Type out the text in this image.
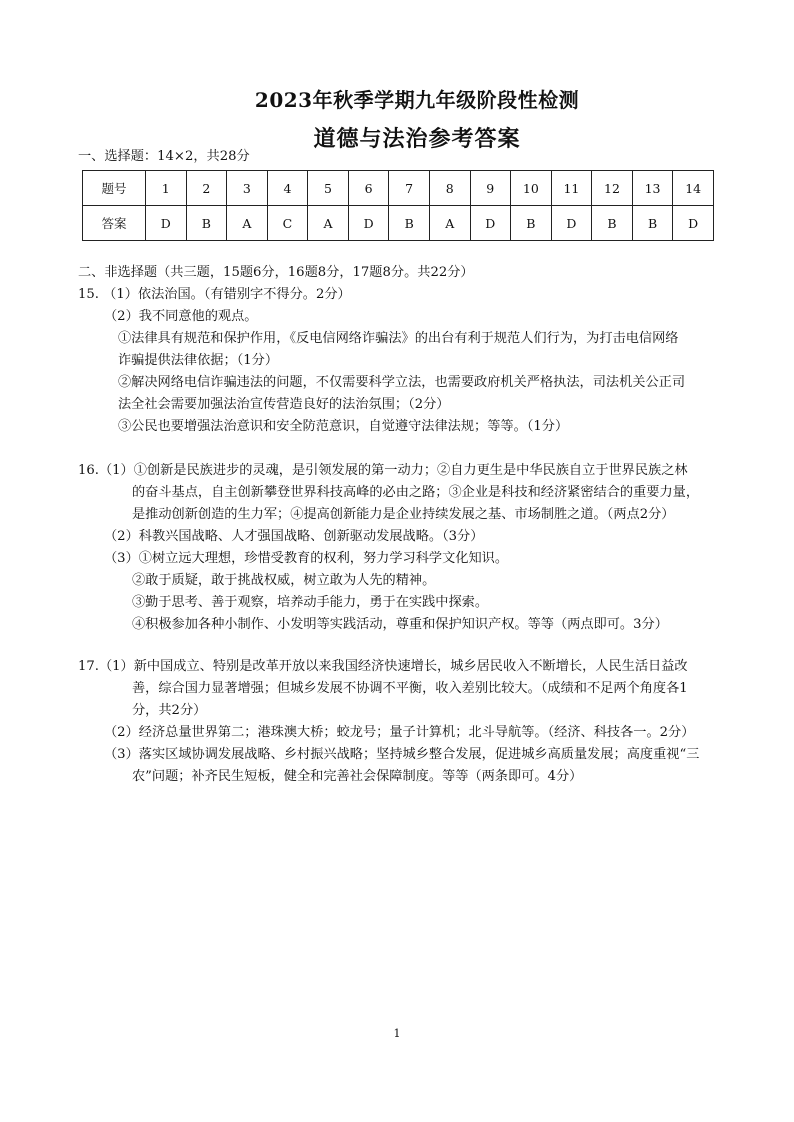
2023年秋季学期九年级阶段性检测
道德与法治参考答案
一、选择题：14×2，共28分
题号	1	2	3	4	5	6	7	8	9	10	11	12	13	14
答案	D	B	A	C	A	D	B	A	D	B	D	B	B	D
二、非选择题（共三题，15题6分，16题8分，17题8分。共22分）
15. （1）依法治国。（有错别字不得分。2分）
（2）我不同意他的观点。
①法律具有规范和保护作用，《反电信网络诈骗法》的出台有利于规范人们行为，为打击电信网络
诈骗提供法律依据；（1分）
②解决网络电信诈骗违法的问题，不仅需要科学立法，也需要政府机关严格执法，司法机关公正司
法全社会需要加强法治宣传营造良好的法治氛围；（2分）
③公民也要增强法治意识和安全防范意识，自觉遵守法律法规；等等。（1分）
16.（1）①创新是民族进步的灵魂，是引领发展的第一动力；②自力更生是中华民族自立于世界民族之林
的奋斗基点，自主创新攀登世界科技高峰的必由之路；③企业是科技和经济紧密结合的重要力量，
是推动创新创造的生力军；④提高创新能力是企业持续发展之基、市场制胜之道。（两点2分）
（2）科教兴国战略、人才强国战略、创新驱动发展战略。（3分）
（3）①树立远大理想，珍惜受教育的权利，努力学习科学文化知识。
②敢于质疑，敢于挑战权威，树立敢为人先的精神。
③勤于思考、善于观察，培养动手能力，勇于在实践中探索。
④积极参加各种小制作、小发明等实践活动，尊重和保护知识产权。等等（两点即可。3分）
17.（1）新中国成立、特别是改革开放以来我国经济快速增长，城乡居民收入不断增长，人民生活日益改
善，综合国力显著增强；但城乡发展不协调不平衡，收入差别比较大。（成绩和不足两个角度各1
分，共2分）
（2）经济总量世界第二；港珠澳大桥；蛟龙号；量子计算机；北斗导航等。（经济、科技各一。2分）
（3）落实区域协调发展战略、乡村振兴战略；坚持城乡整合发展，促进城乡高质量发展；高度重视“三
农”问题；补齐民生短板，健全和完善社会保障制度。等等（两条即可。4分）
1
